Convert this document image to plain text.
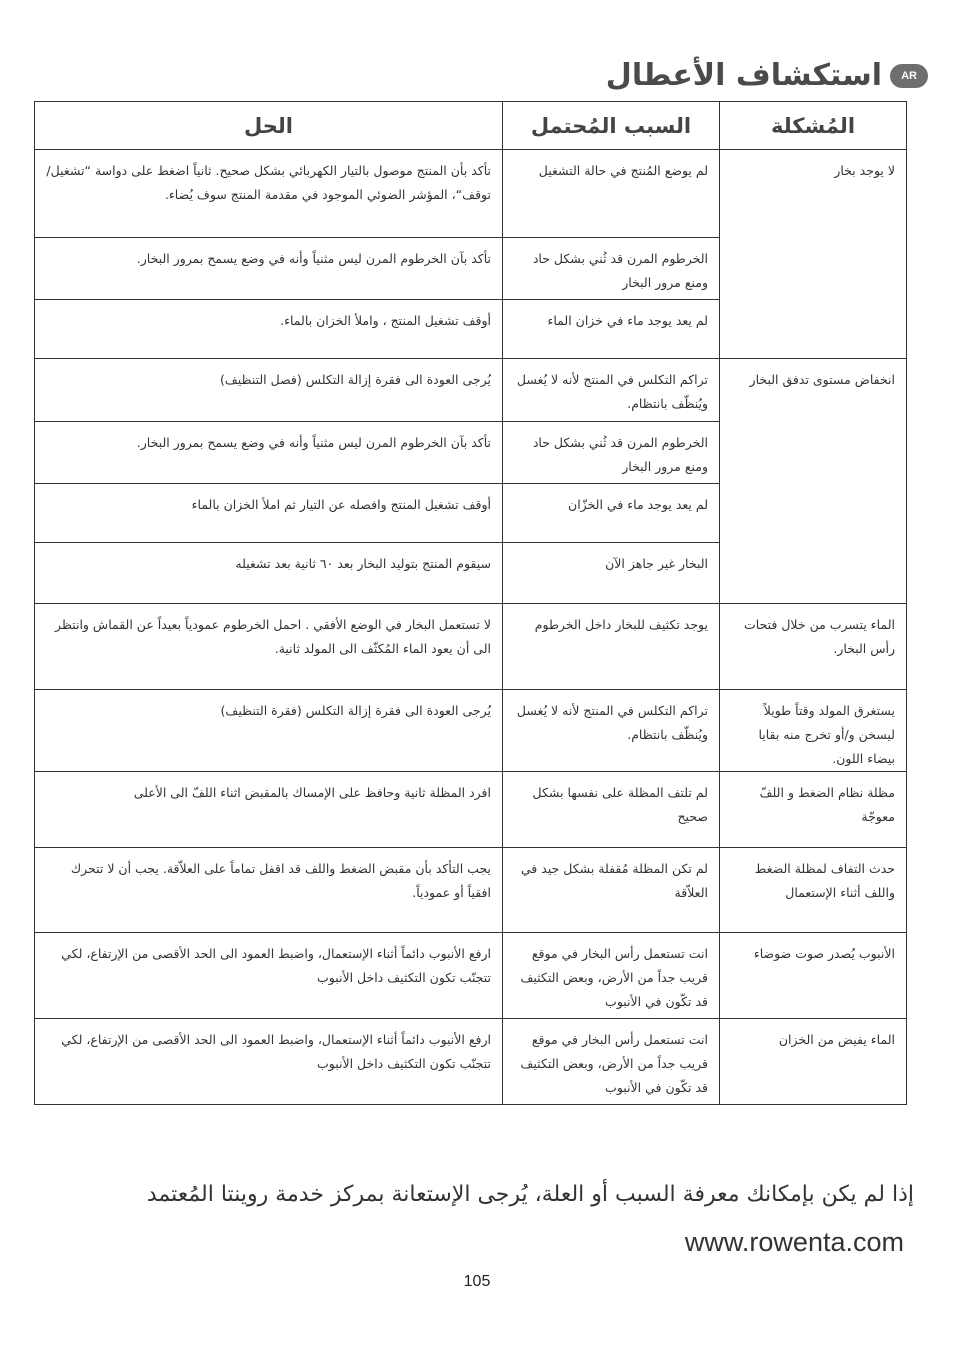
AR
استكشاف الأعطال
المُشكلة	السبب المُحتمل	الحل
لا يوجد بخار	لم يوضع المُنتج في حالة التشغيل	تأكد بأن المنتج موصول بالتيار الكهربائي بشكل صحيح. ثانياً اضغط على دواسة “تشغيل/توقف“، المؤشر الضوئي الموجود في مقدمة المنتج سوف يُضاء.
	الخرطوم المرن قد ثُني بشكل حاد ومنع مرور البخار	تأكد بآن الخرطوم المرن ليس مثنياً وأنه في وضع يسمح بمرور البخار.
	لم يعد يوجد ماء في خزان الماء	أوقف تشغيل المنتج ، واملأ الخزان بالماء.
انخفاض مستوى تدفق البخار	تراكم التكلس في المنتج لأنه لا يُغسل ويُنظّف بانتظام.	يُرجى العودة الى فقرة إزالة التكلس (فصل التنظيف)
	الخرطوم المرن قد ثُني بشكل حاد ومنع مرور البخار	تأكد بآن الخرطوم المرن ليس مثنياً وأنه في وضع يسمح بمرور البخار.
	لم يعد يوجد ماء في الخزّان	أوقف تشغيل المنتج وافصله عن التيار ثم املأ الخزان بالماء
	البخار غير جاهز الآن	سيقوم المنتج بتوليد البخار بعد ٦٠ ثانية بعد تشغيله
الماء يتسرب من خلال فتحات رأس البخار.	يوجد تكثيف للبخار داخل الخرطوم	لا تستعمل البخار في الوضع الأفقي . احمل الخرطوم عمودياً بعيداً عن القماش وانتظر الى أن يعود الماء المُكثّف الى المولد ثانية.
يستغرق المولد وقتاً طويلاً ليسخن و/أو تخرج منه بقايا بيضاء اللون.	تراكم التكلس في المنتج لأنه لا يُغسل ويُنظّف بانتظام.	يُرجى العودة الى فقرة إزالة التكلس (فقرة التنظيف)
مظلة نظام الضغط و اللفّ معوجّة	لم تلتف المظلة على نفسها بشكل صحيح	افرد المظلة ثانية وحافظ على الإمساك بالمقبض اثناء اللفّ الى الأعلى
حدث التفاف لمظلة الضغط واللف أثناء الإستعمال	لم تكن المظلة مُقفلة بشكل جيد في العلاّقة	يجب التأكد بأن مقبض الضغط واللف قد اقفل تماماً على العلاّقة. يجب أن لا تتحرك افقياً أو عمودياً.
الأنبوب يُصدر صوت ضوضاء	انت تستعمل رأس البخار في موقع قريب جداً من الأرض، وبعض التكثيف قد تكّون في الأنبوب	ارفع الأنبوب دائماً أثناء الإستعمال، واضبط العمود الى الحد الأقصى من الإرتفاع، لكي تتجنّب تكون التكثيف داخل الأنبوب
الماء يفيض من الخزان	انت تستعمل رأس البخار في موقع قريب جداً من الأرض، وبعض التكثيف قد تكّون في الأنبوب	ارفع الأنبوب دائماً أثناء الإستعمال، واضبط العمود الى الحد الأقصى من الإرتفاع، لكي تتجنّب تكون التكثيف داخل الأنبوب
إذا لم يكن بإمكانك معرفة السبب أو العلة، يُرجى الإستعانة بمركز خدمة روينتا المُعتمد
www.rowenta.com
105
